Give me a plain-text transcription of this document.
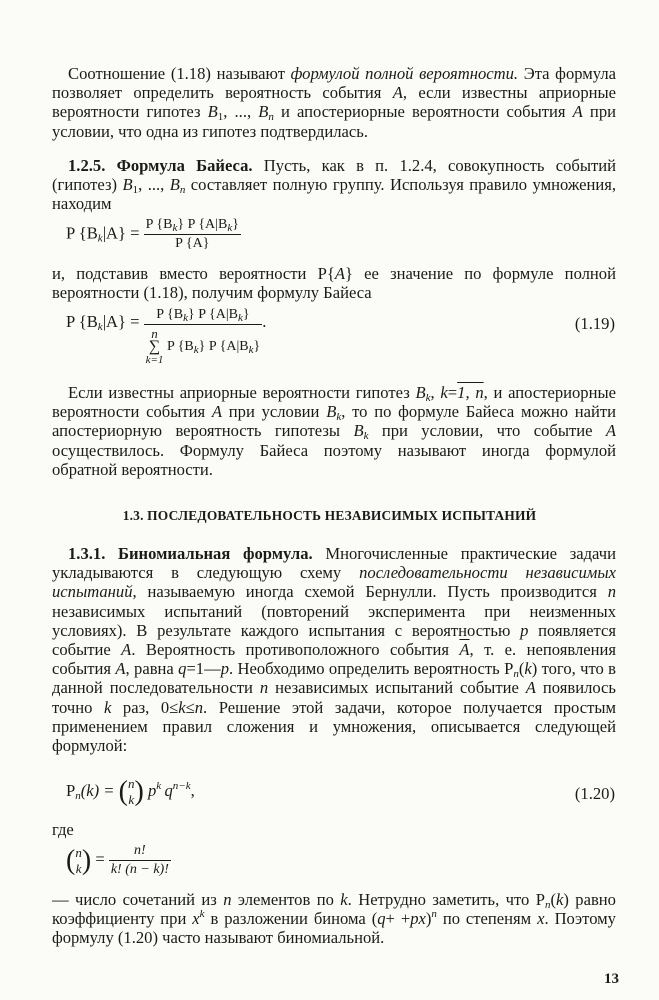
Соотношение (1.18) называют формулой полной вероятности. Эта формула позволяет определить вероятность события A, если известны априорные вероятности гипотез $B_1$, ..., $B_n$ и апостериорные вероятности события A при условии, что одна из гипотез подтвердилась.

1.2.5. Формула Байеса. Пусть, как в п. 1.2.4, совокупность событий (гипотез) $B_1$, ..., $B_n$ составляет полную группу. Используя правило умножения, находим

P $\{B_k|A\} = \frac{P \{B_k\} P \{A|B_k\}}{P \{A\}}$

и, подставив вместо вероятности P{A} ее значение по формуле полной вероятности (1.18), получим формулу Байеса

P $\{B_k|A\} = P$ $\{B_k\}$ P $\{A|B_k\}$
n
∑
k=1
P $\{B_k\}$ P $\{A|B_k\}$ .	(1.19)

Если известны априорные вероятности гипотез $B_k$, k=1, n, и апостериорные вероятности события A при условии $B_k$, то по формуле Байеса можно найти апостериорную вероятность гипотезы $B_k$ при условии, что событие A осуществилось. Формулу Байеса поэтому называют иногда формулой обратной вероятности.

1.3. ПОСЛЕДОВАТЕЛЬНОСТЬ НЕЗАВИСИМЫХ ИСПЫТАНИЙ

1.3.1. Биномиальная формула. Многочисленные практические задачи укладываются в следующую схему последовательности независимых испытаний, называемую иногда схемой Бернулли. Пусть производится n независимых испытаний (повторений эксперимента при неизменных условиях). В результате каждого испытания с вероятностью p появляется событие A. Вероятность противоположного события $\overline{A}$, т. е. непоявления события A, равна q=1—p. Необходимо определить вероятность $P_n(k)$ того, что в данной последовательности n независимых испытаний событие A появилось точно k раз, 0≤k≤n. Решение этой задачи, которое получается простым применением правил сложения и умножения, описывается следующей формулой:

$P_n(k)$ = ( n
k ) $p^k$  $q^{n-k}$,	(1.20)
где
( n
k ) = $\frac{n!}{k! (n - k)!}$

— число сочетаний из n элементов по k. Нетрудно заметить, что $P_n(k)$ равно коэффициенту при $x^k$ в разложении бинома $(q+ +px)^n$ по степеням x. Поэтому формулу (1.20) часто называют биномиальной.

13
